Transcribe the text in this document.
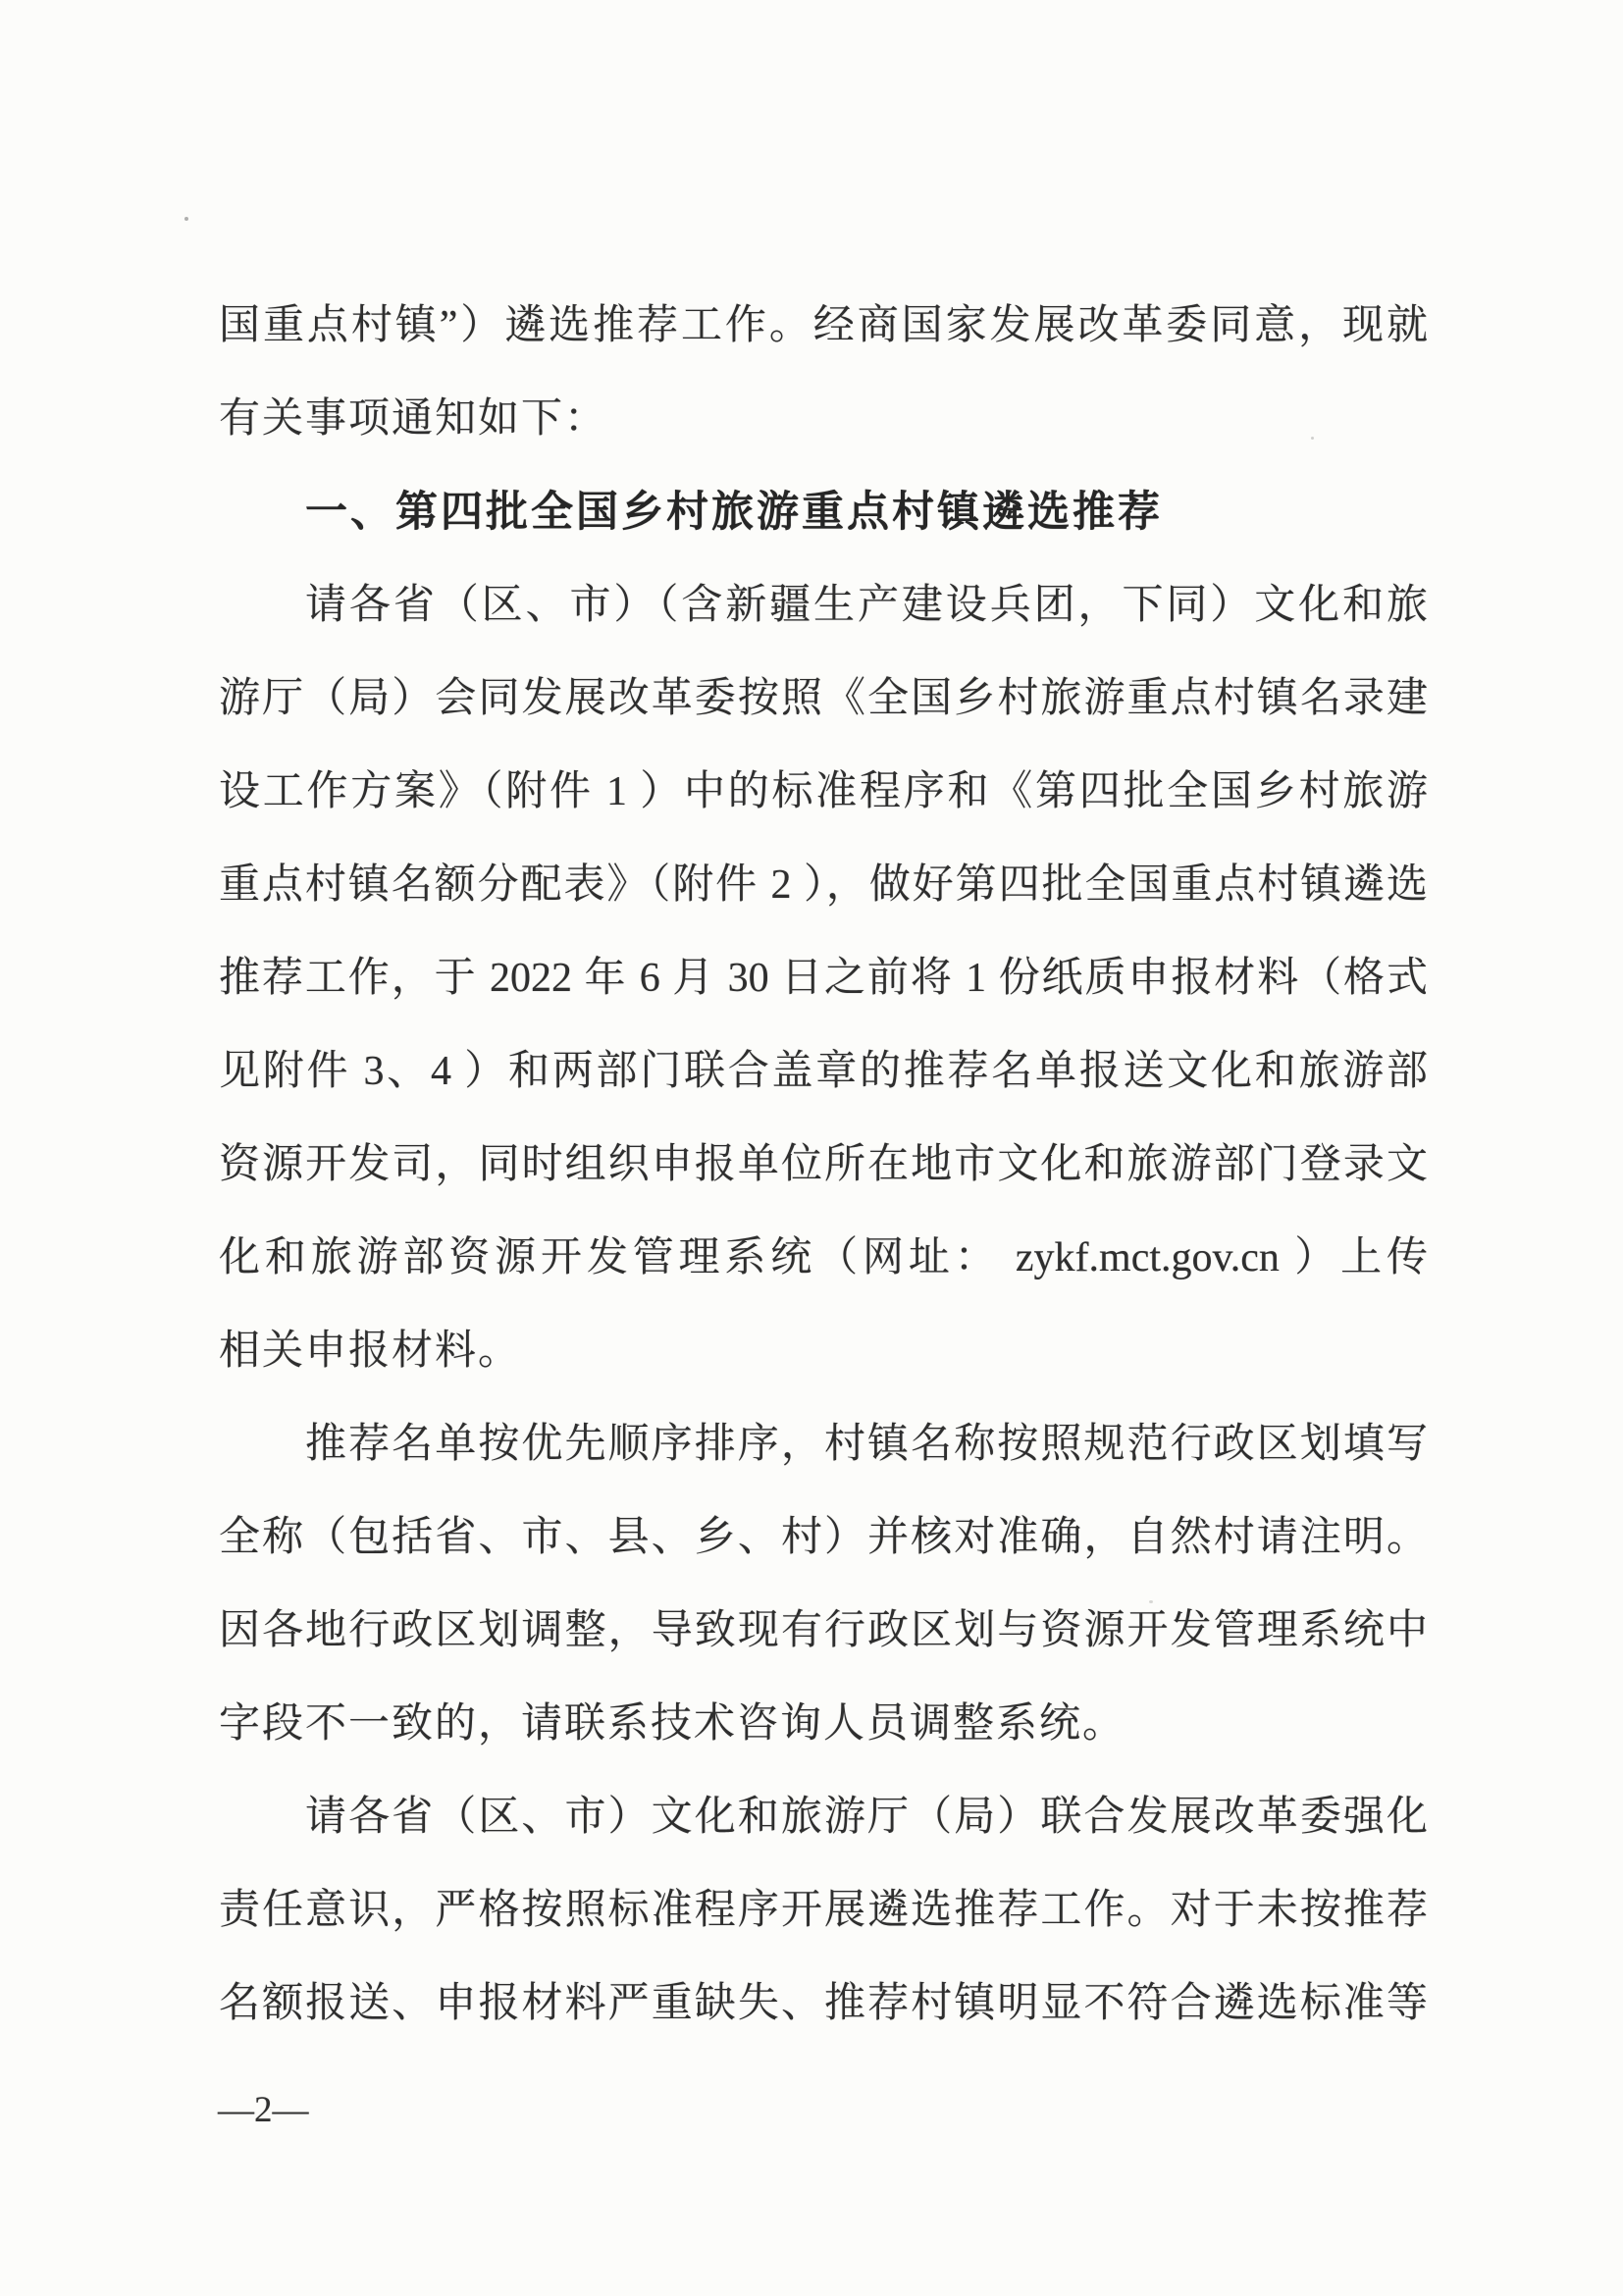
国重点村镇”）遴选推荐工作。经商国家发展改革委同意，现就
有关事项通知如下：
一、第四批全国乡村旅游重点村镇遴选推荐
请各省（区、市）（含新疆生产建设兵团，下同）文化和旅
游厅（局）会同发展改革委按照《全国乡村旅游重点村镇名录建
设工作方案》（附件 1 ）中的标准程序和《第四批全国乡村旅游
重点村镇名额分配表》（附件 2 ），做好第四批全国重点村镇遴选
推荐工作，于 2022 年 6 月 30 日之前将 1 份纸质申报材料（格式
见附件 3、4 ）和两部门联合盖章的推荐名单报送文化和旅游部
资源开发司，同时组织申报单位所在地市文化和旅游部门登录文
化和旅游部资源开发管理系统（网址： zykf.mct.gov.cn ）上传
相关申报材料。
推荐名单按优先顺序排序，村镇名称按照规范行政区划填写
全称（包括省、市、县、乡、村）并核对准确，自然村请注明。
因各地行政区划调整，导致现有行政区划与资源开发管理系统中
字段不一致的，请联系技术咨询人员调整系统。
请各省（区、市）文化和旅游厅（局）联合发展改革委强化
责任意识，严格按照标准程序开展遴选推荐工作。对于未按推荐
名额报送、申报材料严重缺失、推荐村镇明显不符合遴选标准等
—2—
